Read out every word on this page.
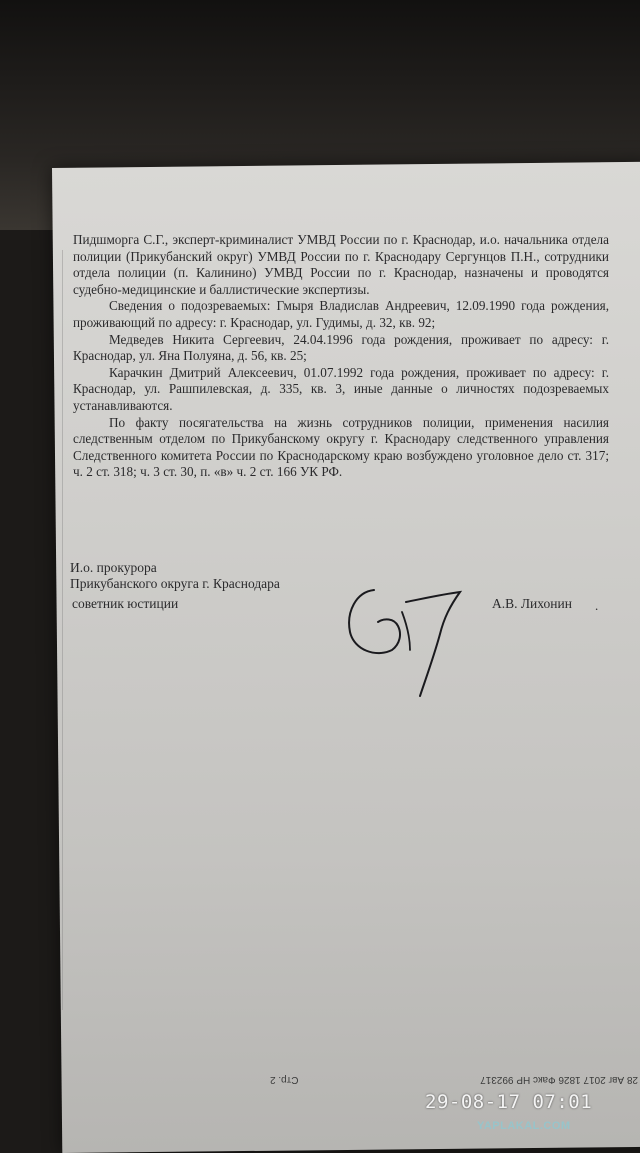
Пидшморга С.Г., эксперт-криминалист УМВД России по г. Краснодар, и.о. начальника отдела полиции (Прикубанский округ) УМВД России по г. Краснодару Сергунцов П.Н., сотрудники отдела полиции (п. Калинино) УМВД России по г. Краснодар, назначены и проводятся судебно-медицинские и баллистические экспертизы.

Сведения о подозреваемых: Гмыря Владислав Андреевич, 12.09.1990 года рождения, проживающий по адресу: г. Краснодар, ул. Гудимы, д. 32, кв. 92;

Медведев Никита Сергеевич, 24.04.1996 года рождения, проживает по адресу: г. Краснодар, ул. Яна Полуяна, д. 56, кв. 25;

Карачкин Дмитрий Алексеевич, 01.07.1992 года рождения, проживает по адресу: г. Краснодар, ул. Рашпилевская, д. 335, кв. 3, иные данные о личностях подозреваемых устанавливаются.

По факту посягательства на жизнь сотрудников полиции, применения насилия следственным отделом по Прикубанскому округу г. Краснодару следственного управления Следственного комитета России по Краснодарскому краю возбуждено уголовное дело ст. 317; ч. 2 ст. 318; ч. 3 ст. 30, п. «в» ч. 2 ст. 166 УК РФ.

И.о. прокурора
Прикубанского округа г. Краснодара
советник юстиции	А.В. Лихонин .
28 Авг 2017 1826 Факс НР 992317
Стр. 2
29-08-17 07:01
YAPLAKAL.COM
